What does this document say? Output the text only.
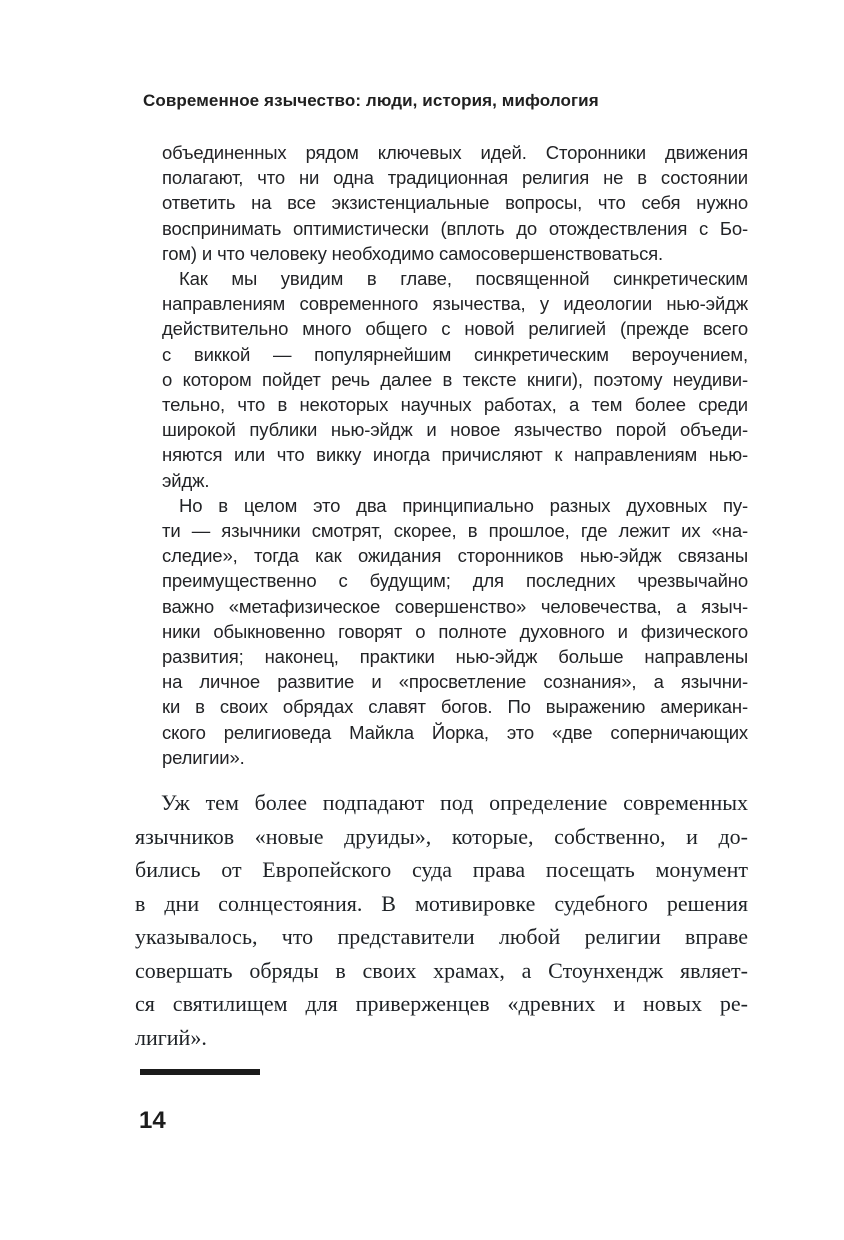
Современное язычество: люди, история, мифология
объединенных рядом ключевых идей. Сторонники движения
полагают, что ни одна традиционная религия не в состоянии
ответить на все экзистенциальные вопросы, что себя нужно
воспринимать оптимистически (вплоть до отождествления с Бо-
гом) и что человеку необходимо самосовершенствоваться.
Как мы увидим в главе, посвященной синкретическим
направлениям современного язычества, у идеологии нью-эйдж
действительно много общего с новой религией (прежде всего
с виккой — популярнейшим синкретическим вероучением,
о котором пойдет речь далее в тексте книги), поэтому неудиви-
тельно, что в некоторых научных работах, а тем более среди
широкой публики нью-эйдж и новое язычество порой объеди-
няются или что викку иногда причисляют к направлениям нью-
эйдж.
Но в целом это два принципиально разных духовных пу-
ти — язычники смотрят, скорее, в прошлое, где лежит их «на-
следие», тогда как ожидания сторонников нью-эйдж связаны
преимущественно с будущим; для последних чрезвычайно
важно «метафизическое совершенство» человечества, а языч-
ники обыкновенно говорят о полноте духовного и физического
развития; наконец, практики нью-эйдж больше направлены
на личное развитие и «просветление сознания», а язычни-
ки в своих обрядах славят богов. По выражению американ-
ского религиоведа Майкла Йорка, это «две соперничающих
религии».
Уж тем более подпадают под определение современных
язычников «новые друиды», которые, собственно, и до-
бились от Европейского суда права посещать монумент
в дни солнцестояния. В мотивировке судебного решения
указывалось, что представители любой религии вправе
совершать обряды в своих храмах, а Стоунхендж являет-
ся святилищем для приверженцев «древних и новых ре-
лигий».
14
